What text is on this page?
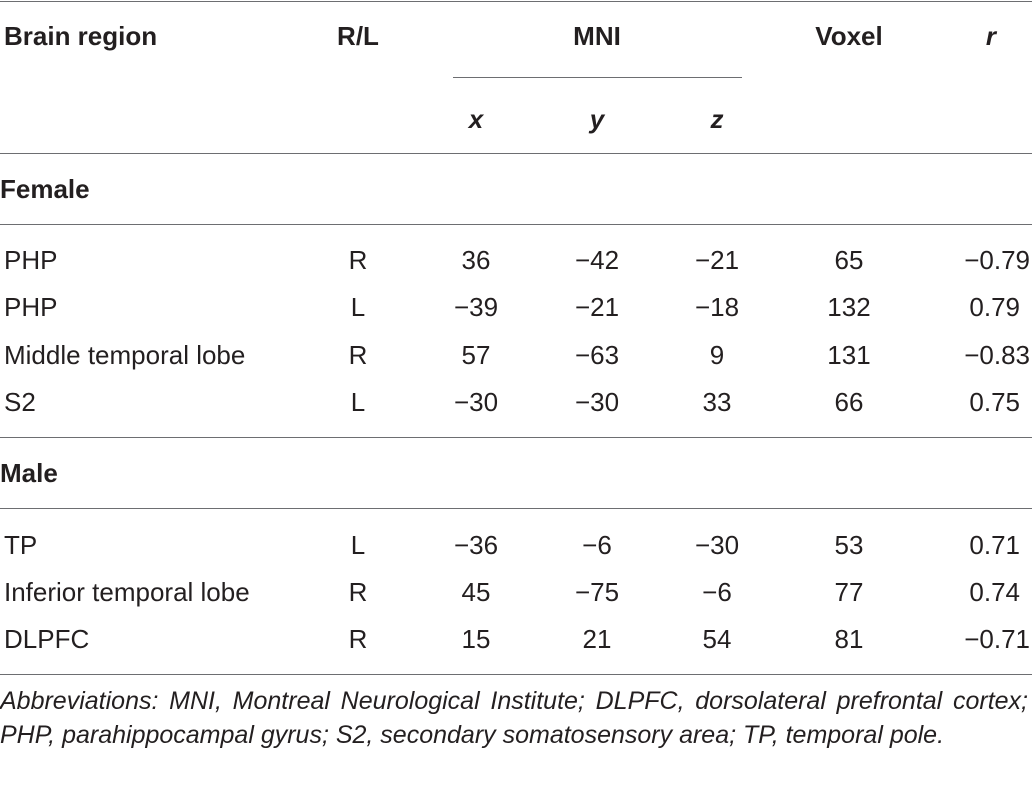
Brain region	R/L	MNI	Voxel	r
x	y	z
Female
PHP	R	36	−42	−21	65	−0.79
PHP	L	−39	−21	−18	132	0.79
Middle temporal lobe	R	57	−63	9	131	−0.83
S2	L	−30	−30	33	66	0.75
Male
TP	L	−36	−6	−30	53	0.71
Inferior temporal lobe	R	45	−75	−6	77	0.74
DLPFC	R	15	21	54	81	−0.71
Abbreviations: MNI, Montreal Neurological Institute; DLPFC, dorsolateral prefrontal cortex; PHP, parahippocampal gyrus; S2, secondary somatosensory area; TP, temporal pole.
